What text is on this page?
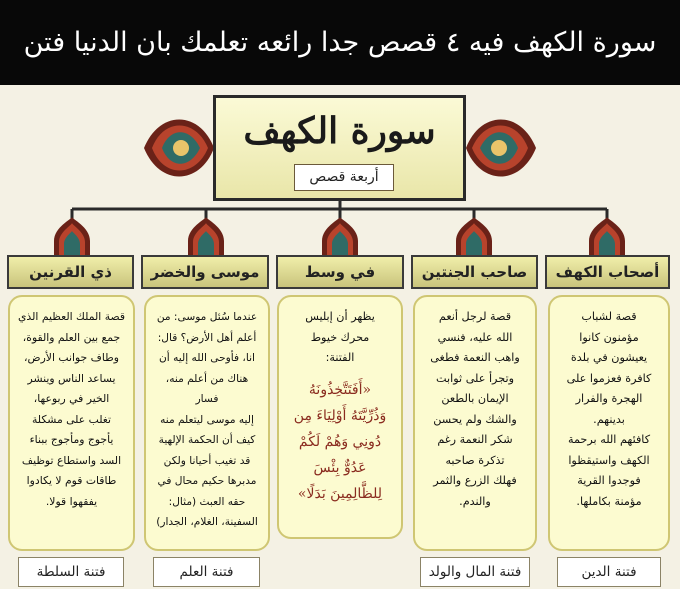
سورة الكهف فيه ٤ قصص جدا رائعه تعلمك بان الدنيا فتن
سورة الكهف
أربعة قصص
أصحاب الكهف
صاحب الجنتين
في وسط
موسى والخضر
ذي القرنين
قصة لشباب
مؤمنون كانوا
يعيشون في بلدة
كافرة فعزموا على
الهجرة والفرار
بدينهم.
كافئهم الله برحمة
الكهف واستيقظوا
فوجدوا القرية
مؤمنة بكاملها.
قصة لرجل أنعم
الله عليه، فنسي
واهب النعمة فطغى
وتجرأ على ثوابت
الإيمان بالطعن
والشك ولم يحسن
شكر النعمة رغم
تذكرة صاحبه
فهلك الزرع والثمر
والندم.
يظهر أن إبليس
محرك خيوط
الفتنة:
«أَفَتَتَّخِذُونَهُ
وَذُرِّيَّتَهُ أَوْلِيَاءَ مِن
دُونِي وَهُمْ لَكُمْ
عَدُوٌّ بِئْسَ
لِلظَّالِمِينَ بَدَلًا»
عندما سُئل موسى: من
أعلم أهل الأرض؟ قال:
انا، فأوحى الله إليه أن
هناك من أعلم منه، فسار
إليه موسى ليتعلم منه
كيف أن الحكمة الإلهية
قد تغيب أحيانا ولكن
مدبرها حكيم محال في
حقه العبث (مثال:
السفينة، الغلام، الجدار)
قصة الملك العظيم الذي
جمع بين العلم والقوة،
وطاف جوانب الأرض،
يساعد الناس وينشر
الخير في ربوعها،
تغلب على مشكلة
يأجوج ومأجوج ببناء
السد واستطاع توظيف
طاقات قوم لا يكادوا
يفقهوا قولا.
فتنة الدين
فتنة المال والولد
فتنة العلم
فتنة السلطة
